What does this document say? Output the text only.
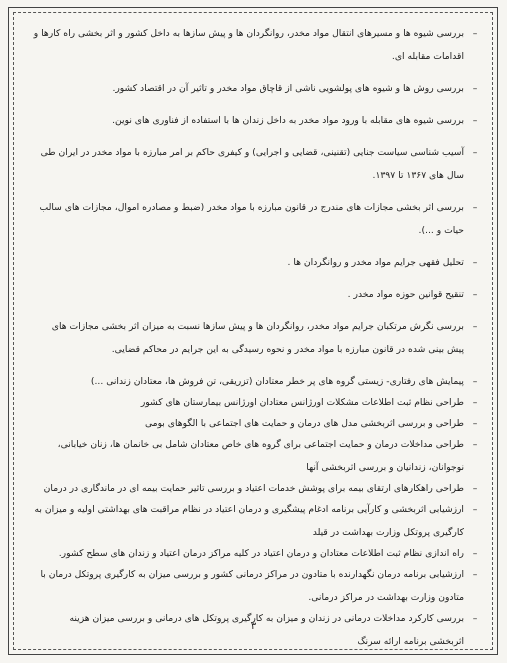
–
بررسی شیوه ها و مسیرهای انتقال مواد مخدر، روانگردان ها و پیش سازها به داخل کشور و اثر بخشی راه کارها و
اقدامات مقابله ای.
–
بررسی روش ها و شیوه های پولشویی ناشی از قاچاق مواد مخدر و تاثیر آن در اقتصاد کشور.
–
بررسی شیوه های مقابله با ورود مواد مخدر به داخل زندان ها با استفاده از فناوری های نوین.
–
آسیب شناسی سیاست جنایی (تقنینی، قضایی و اجرایی) و کیفری حاکم بر امر مبارزه با مواد مخدر در ایران طی
سال های ۱۳۶۷ تا ۱۳۹۷.
–
بررسی اثر بخشی مجازات های مندرج در قانون مبارزه با مواد مخدر (ضبط و مصادره اموال، مجازات های سالب
حیات و ...).
–
تحلیل فقهی جرایم مواد مخدر و روانگردان ها .
–
تنقیح قوانین حوزه مواد مخدر .
–
بررسی نگرش مرتکبان جرایم مواد مخدر، روانگردان ها و پیش سازها نسبت به میزان اثر بخشی مجازات های
پیش بینی شده در قانون مبارزه با مواد مخدر و نحوه رسیدگی به این جرایم در محاکم قضایی.
–
پیمایش های رفتاری- زیستی گروه های پر خطر معتادان (تزریقی، تن فروش ها، معتادان زندانی ...)
–
طراحی نظام ثبت اطلاعات مشکلات اورژانس معتادان اورژانس بیمارستان های کشور
–
طراحی و بررسی اثربخشی مدل های درمان و حمایت های اجتماعی با الگوهای بومی
–
طراحی مداخلات درمان و حمایت اجتماعی برای گروه های خاص معتادان شامل بی خانمان ها، زنان خیابانی،
نوجوانان، زندانیان و بررسی اثربخشی آنها
–
طراحی راهکارهای ارتقای بیمه برای پوشش خدمات اعتیاد و بررسی تاثیر حمایت بیمه ای در ماندگاری در درمان
–
ارزشیابی اثربخشی و کارآیی برنامه ادغام پیشگیری و درمان اعتیاد در نظام مراقبت های بهداشتی اولیه و میزان به
کارگیری پروتکل وزارت بهداشت در قیلد
–
راه اندازی نظام ثبت اطلاعات معتادان و درمان اعتیاد در کلیه مراکز درمان اعتیاد و زندان های سطح کشور.
–
ارزشیابی برنامه درمان نگهدارنده با متادون در مراکز درمانی کشور و بررسی میزان به کارگیری پروتکل درمان با
متادون وزارت بهداشت در مراکز درمانی.
–
بررسی کارکرد مداخلات درمانی در زندان و میزان به کارگیری پروتکل های درمانی و بررسی میزان هزینه
اثربخشی برنامه ارائه سرنگ
۳
